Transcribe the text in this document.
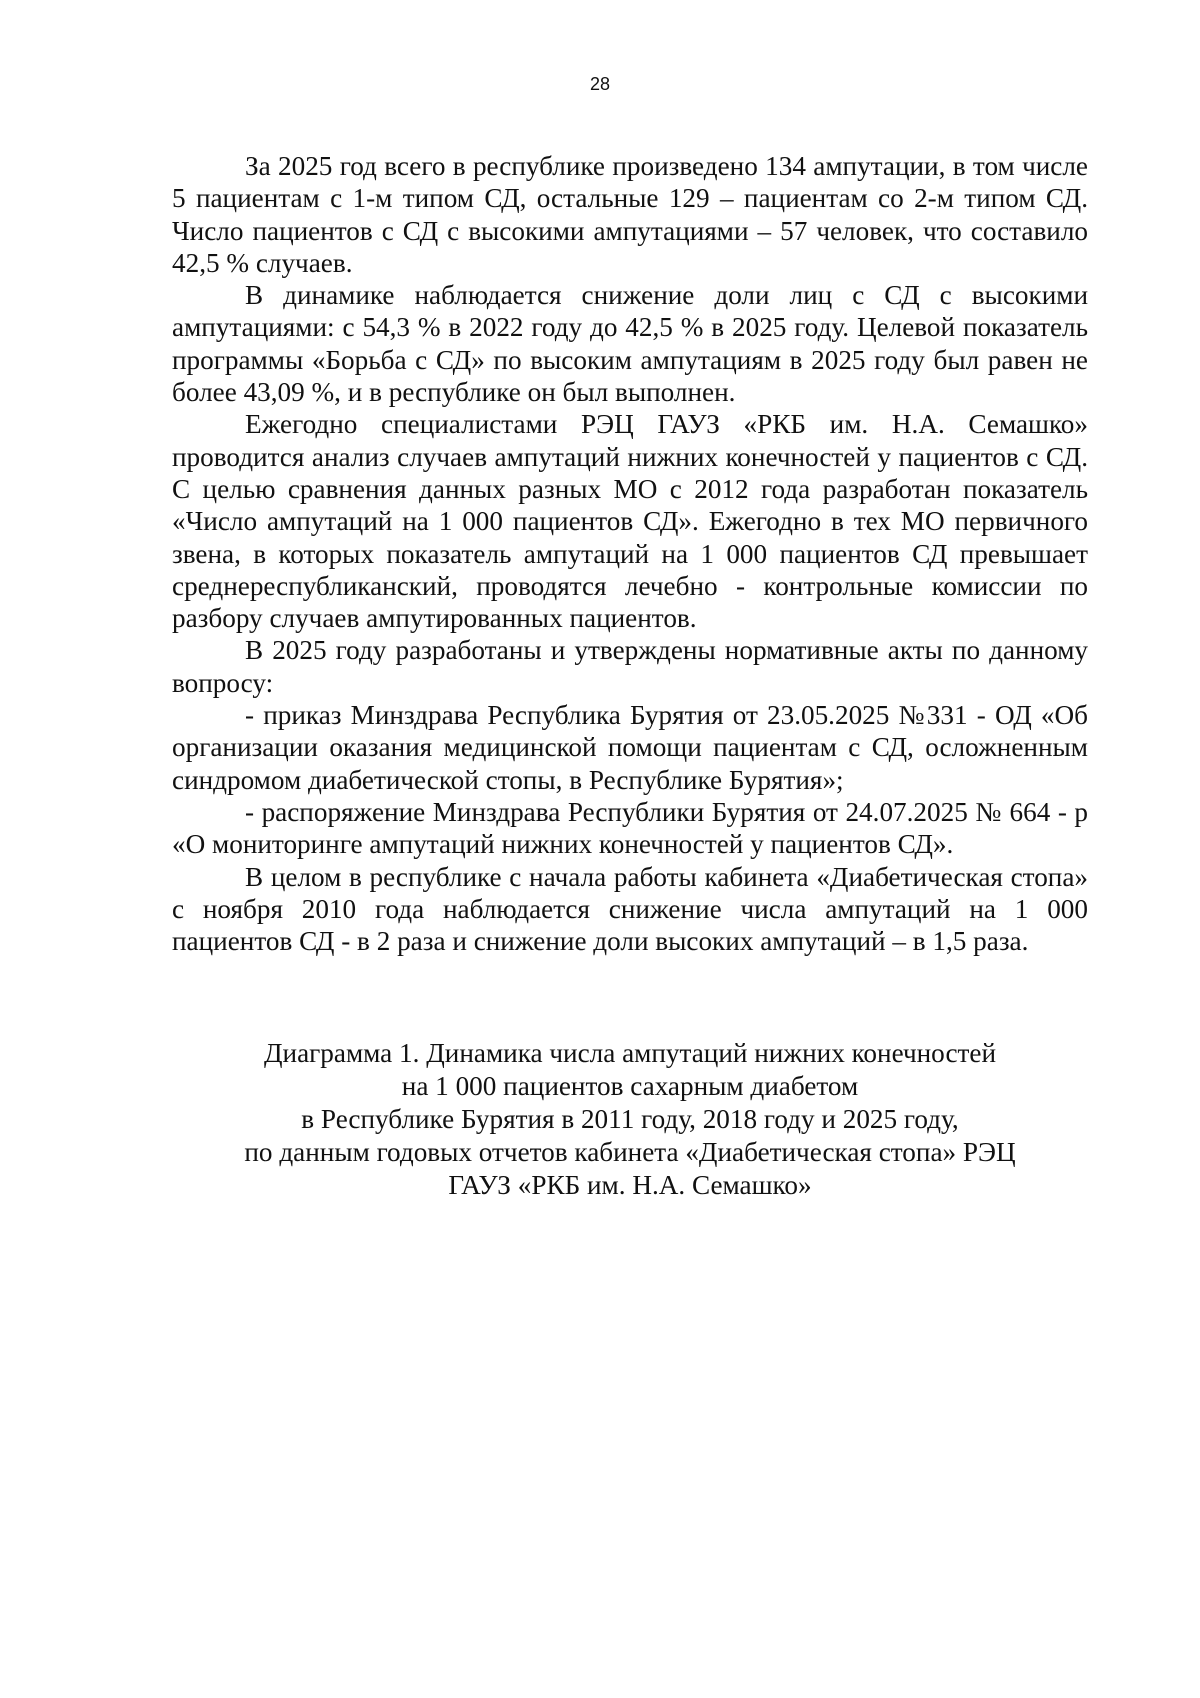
28

За 2025 год всего в республике произведено 134 ампутации, в том числе 5 пациентам с 1-м типом СД, остальные 129 – пациентам со 2-м типом СД. Число пациентов с СД с высокими ампутациями – 57 человек, что составило 42,5 % случаев.

В динамике наблюдается снижение доли лиц с СД с высокими ампутациями: с 54,3 % в 2022 году до 42,5 % в 2025 году. Целевой показатель программы «Борьба с СД» по высоким ампутациям в 2025 году был равен не более 43,09 %, и в республике он был выполнен.

Ежегодно специалистами РЭЦ ГАУЗ «РКБ им. Н.А. Семашко» проводится анализ случаев ампутаций нижних конечностей у пациентов с СД. С целью сравнения данных разных МО с 2012 года разработан показатель «Число ампутаций на 1 000 пациентов СД». Ежегодно в тех МО первичного звена, в которых показатель ампутаций на 1 000 пациентов СД превышает среднереспубликанский, проводятся лечебно - контрольные комиссии по разбору случаев ампутированных пациентов.

В 2025 году разработаны и утверждены нормативные акты по данному вопросу:

- приказ Минздрава Республика Бурятия от 23.05.2025 №331 - ОД «Об организации оказания медицинской помощи пациентам с СД, осложненным синдромом диабетической стопы, в Республике Бурятия»;

- распоряжение Минздрава Республики Бурятия от 24.07.2025 № 664 - р «О мониторинге ампутаций нижних конечностей у пациентов СД».

В целом в республике с начала работы кабинета «Диабетическая стопа» с ноября 2010 года наблюдается снижение числа ампутаций на 1 000 пациентов СД - в 2 раза и снижение доли высоких ампутаций – в 1,5 раза.

Диаграмма 1. Динамика числа ампутаций нижних конечностей
на 1 000 пациентов сахарным диабетом
в Республике Бурятия в 2011 году, 2018 году и 2025 году,
по данным годовых отчетов кабинета «Диабетическая стопа» РЭЦ
ГАУЗ «РКБ им. Н.А. Семашко»
